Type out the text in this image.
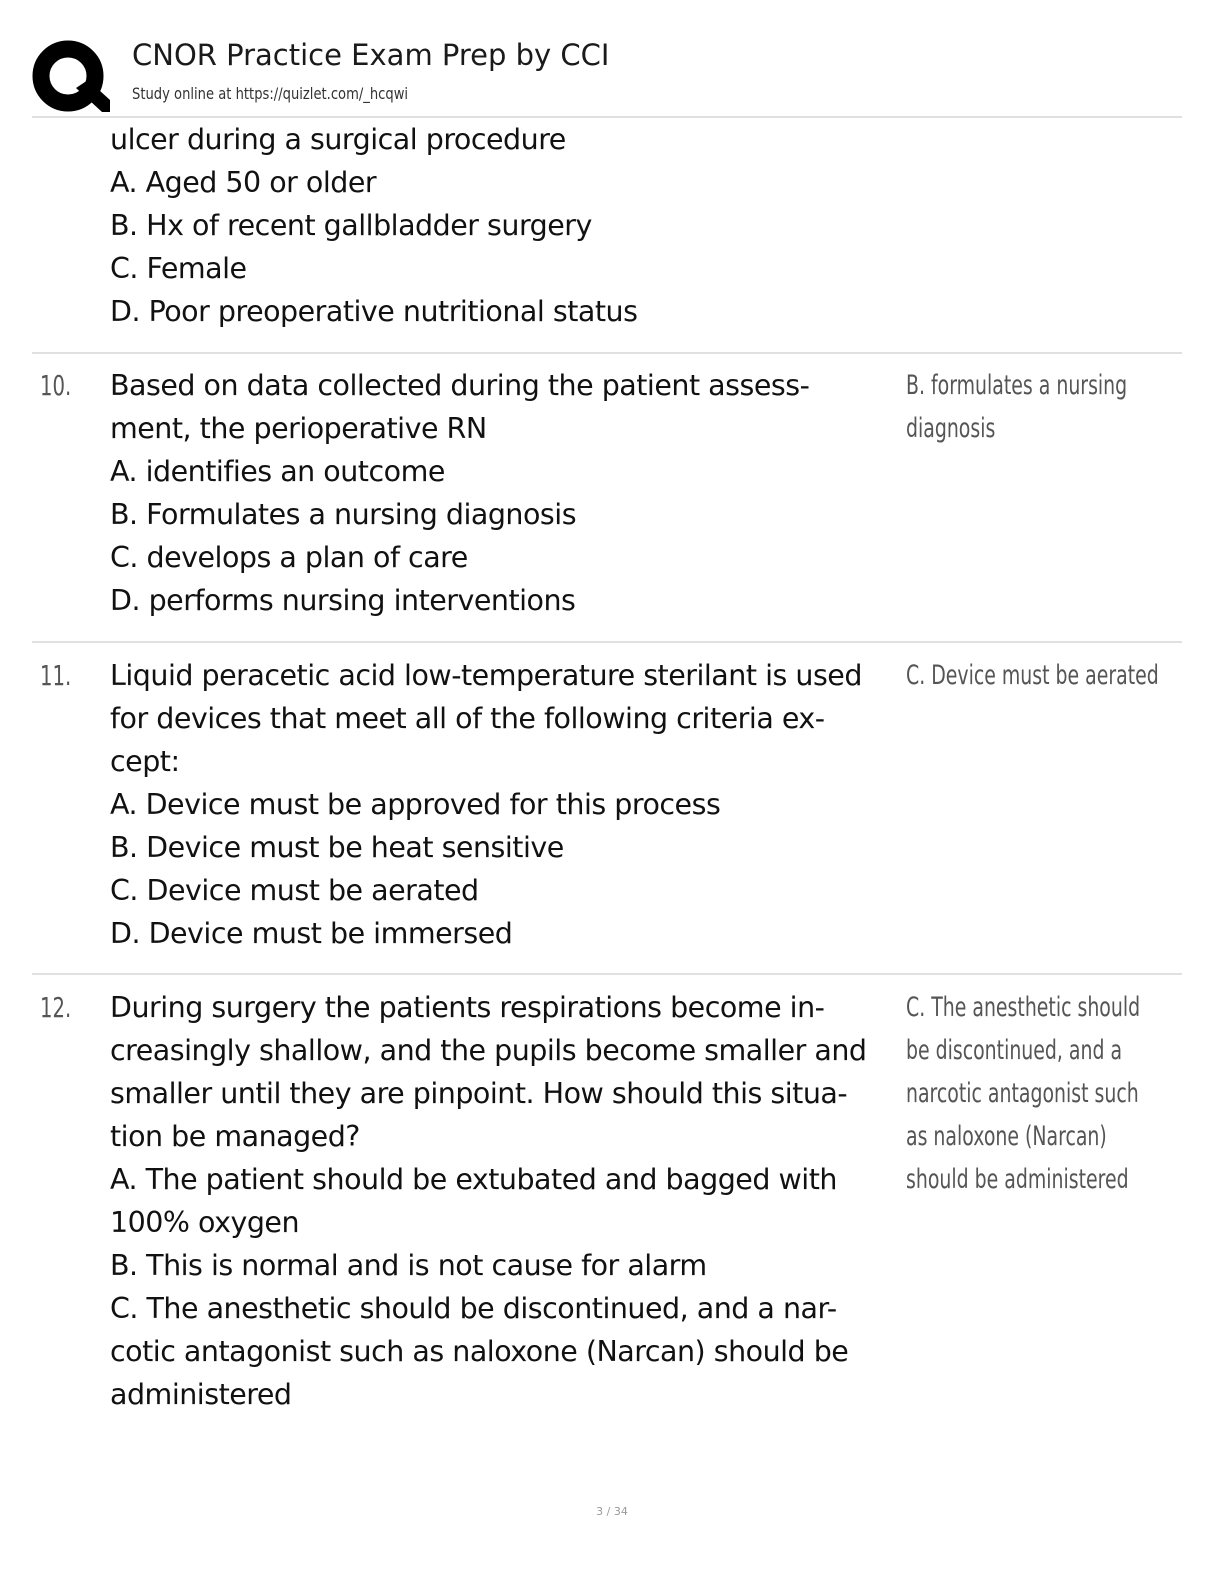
CNOR Practice Exam Prep by CCI
Study online at https://quizlet.com/_hcqwi
ulcer during a surgical procedure
A. Aged 50 or older
B. Hx of recent gallbladder surgery
C. Female
D. Poor preoperative nutritional status
10. Based on data collected during the patient assess-
ment, the perioperative RN
A. identifies an outcome
B. Formulates a nursing diagnosis
C. develops a plan of care
D. performs nursing interventions
B. formulates a nursing
diagnosis
11. Liquid peracetic acid low-temperature sterilant is used
for devices that meet all of the following criteria ex-
cept:
A. Device must be approved for this process
B. Device must be heat sensitive
C. Device must be aerated
D. Device must be immersed
C. Device must be aerated
12. During surgery the patients respirations become in-
creasingly shallow, and the pupils become smaller and
smaller until they are pinpoint. How should this situa-
tion be managed?
A. The patient should be extubated and bagged with
100% oxygen
B. This is normal and is not cause for alarm
C. The anesthetic should be discontinued, and a nar-
cotic antagonist such as naloxone (Narcan) should be
administered
C. The anesthetic should
be discontinued, and a
narcotic antagonist such
as naloxone (Narcan)
should be administered
3 / 34
